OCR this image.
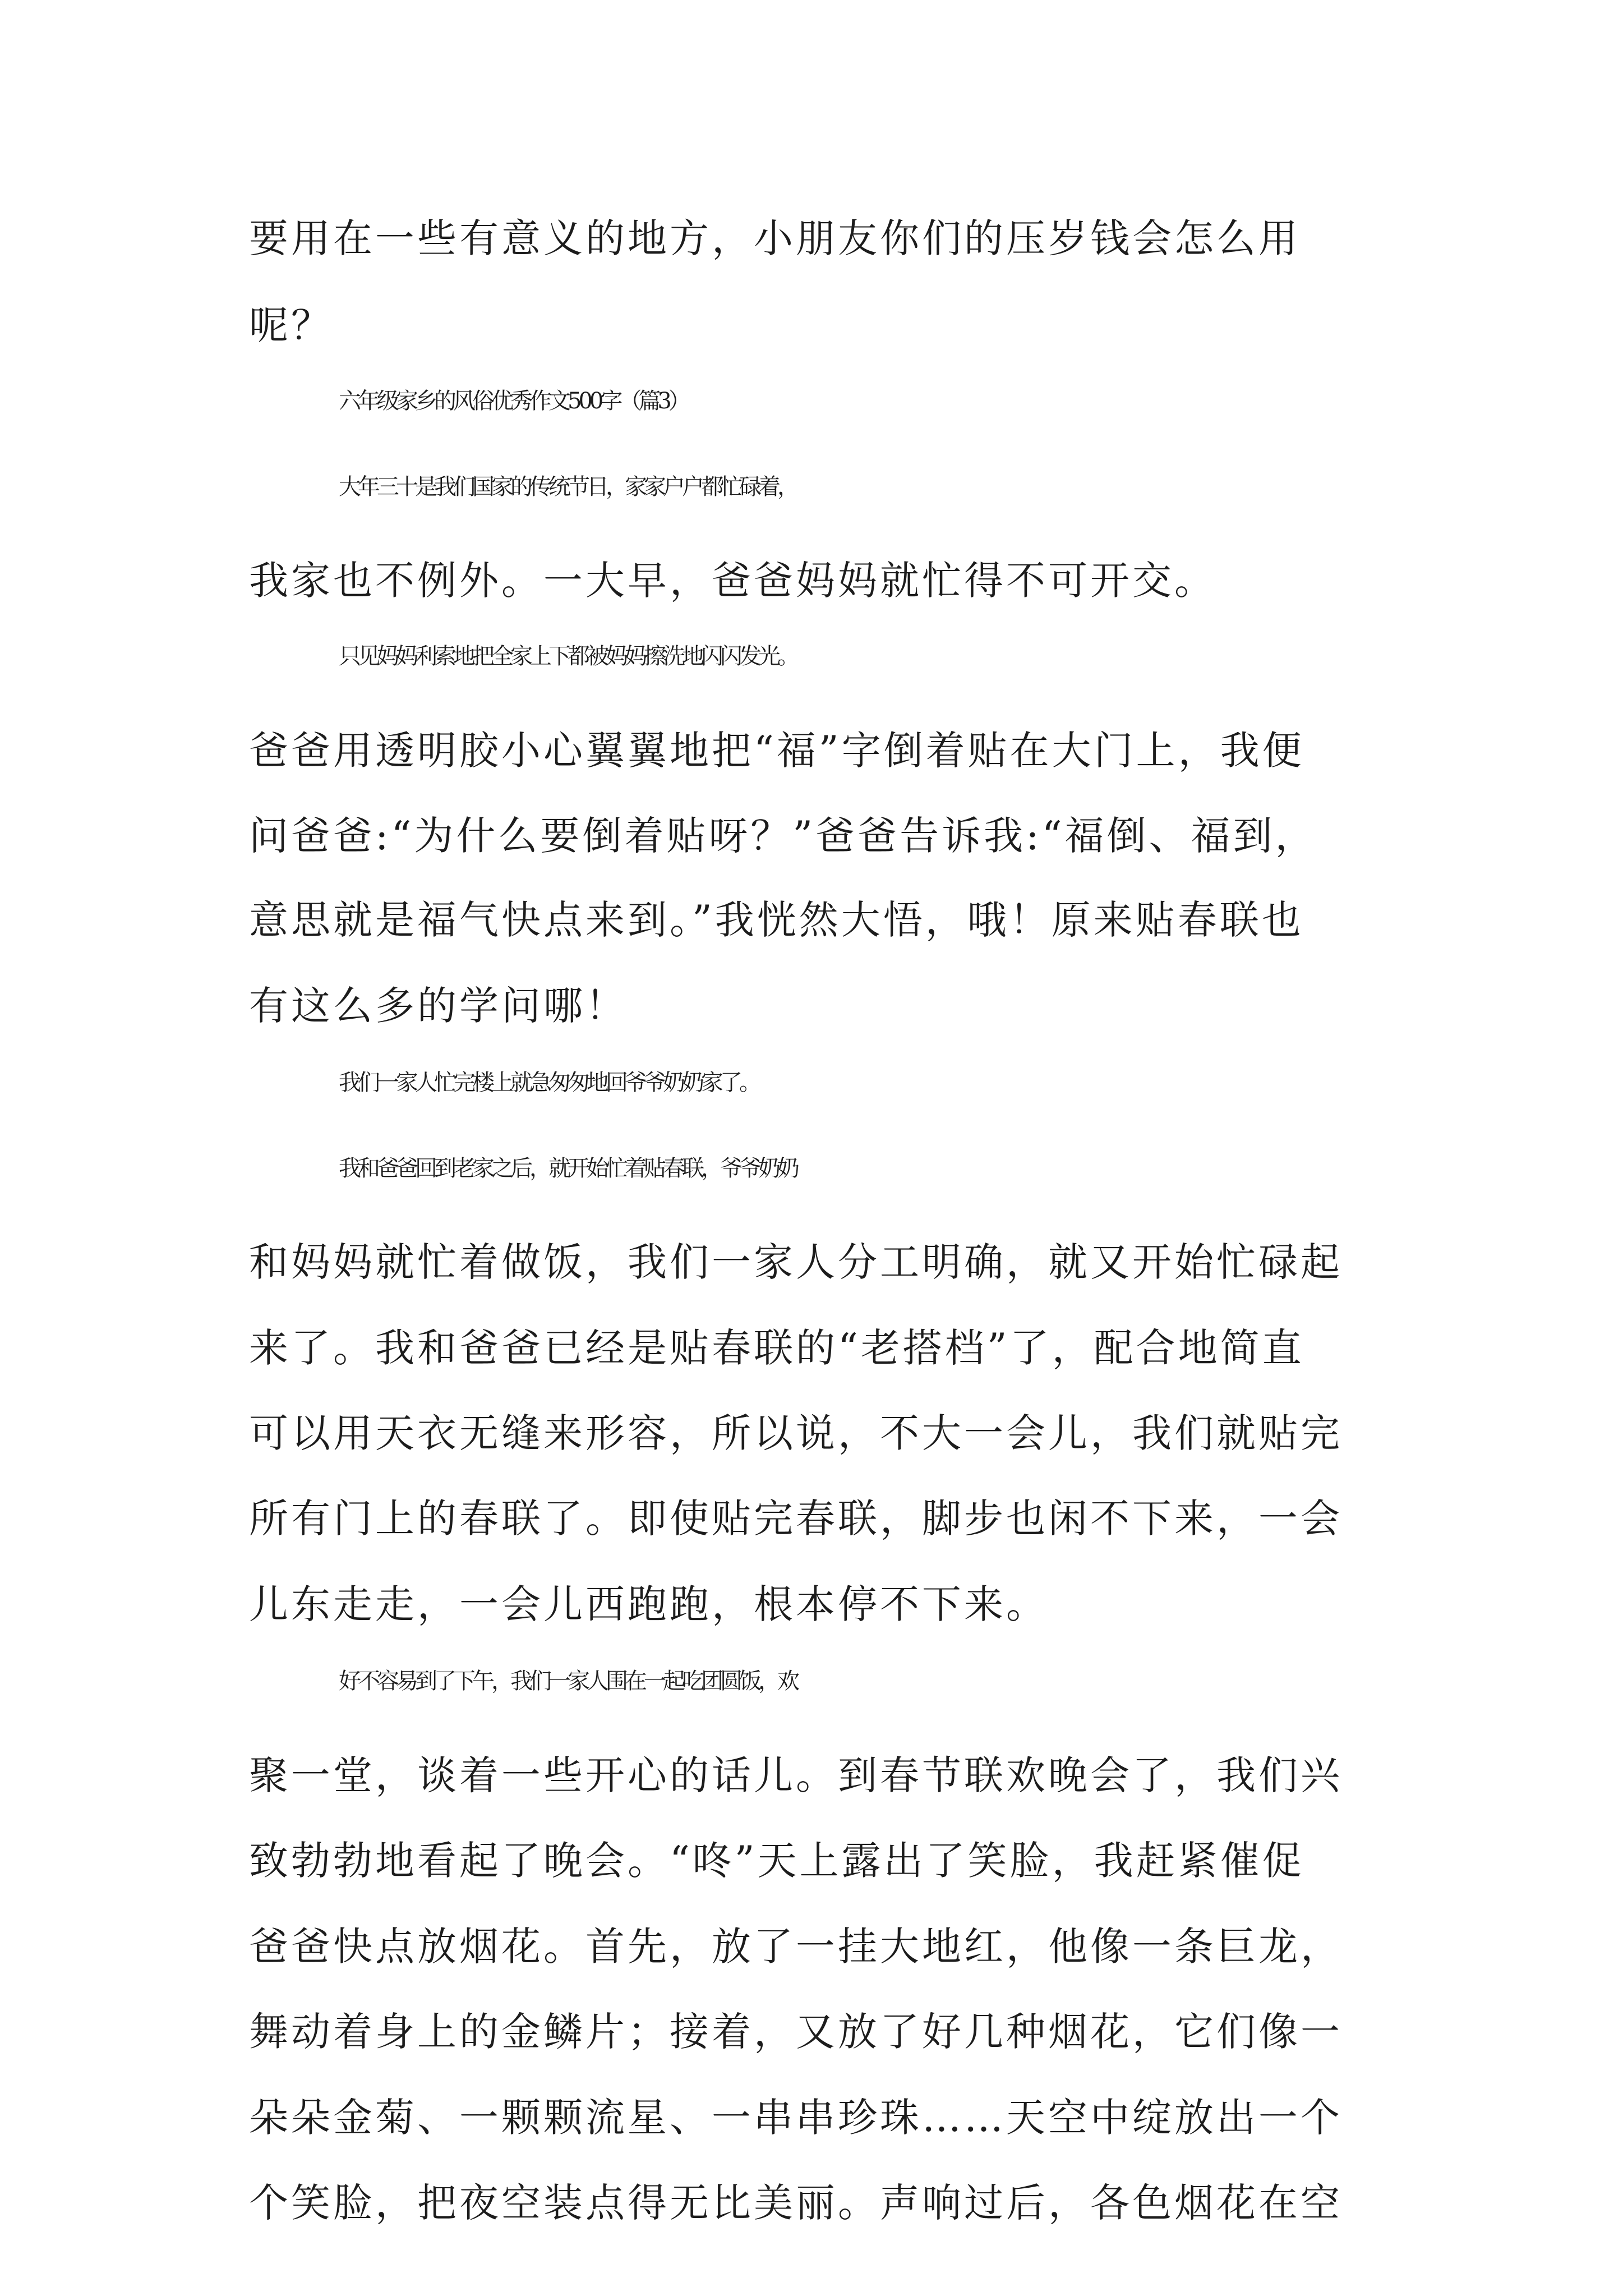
要用在一些有意义的地方，小朋友你们的压岁钱会怎么用
呢？
六年级家乡的风俗优秀作文500字（篇3）
大年三十是我们国家的传统节日，家家户户都忙碌着，
我家也不例外。一大早，爸爸妈妈就忙得不可开交。
只见妈妈利索地把全家上下都被妈妈擦洗地闪闪发光。
爸爸用透明胶小心翼翼地把“福”字倒着贴在大门上，我便
问爸爸:“为什么要倒着贴呀？”爸爸告诉我:“福倒、福到，
意思就是福气快点来到。”我恍然大悟，哦！原来贴春联也
有这么多的学问哪！
我们一家人忙完楼上就急匆匆地回爷爷奶奶家了。
我和爸爸回到老家之后，就开始忙着贴春联，爷爷奶奶
和妈妈就忙着做饭，我们一家人分工明确，就又开始忙碌起
来了。我和爸爸已经是贴春联的“老搭档”了，配合地简直
可以用天衣无缝来形容，所以说，不大一会儿，我们就贴完
所有门上的春联了。即使贴完春联，脚步也闲不下来，一会
儿东走走，一会儿西跑跑，根本停不下来。
好不容易到了下午，我们一家人围在一起吃团圆饭，欢
聚一堂，谈着一些开心的话儿。到春节联欢晚会了，我们兴
致勃勃地看起了晚会。“咚”天上露出了笑脸，我赶紧催促
爸爸快点放烟花。首先，放了一挂大地红，他像一条巨龙，
舞动着身上的金鳞片；接着，又放了好几种烟花，它们像一
朵朵金菊、一颗颗流星、一串串珍珠……天空中绽放出一个
个笑脸，把夜空装点得无比美丽。声响过后，各色烟花在空
